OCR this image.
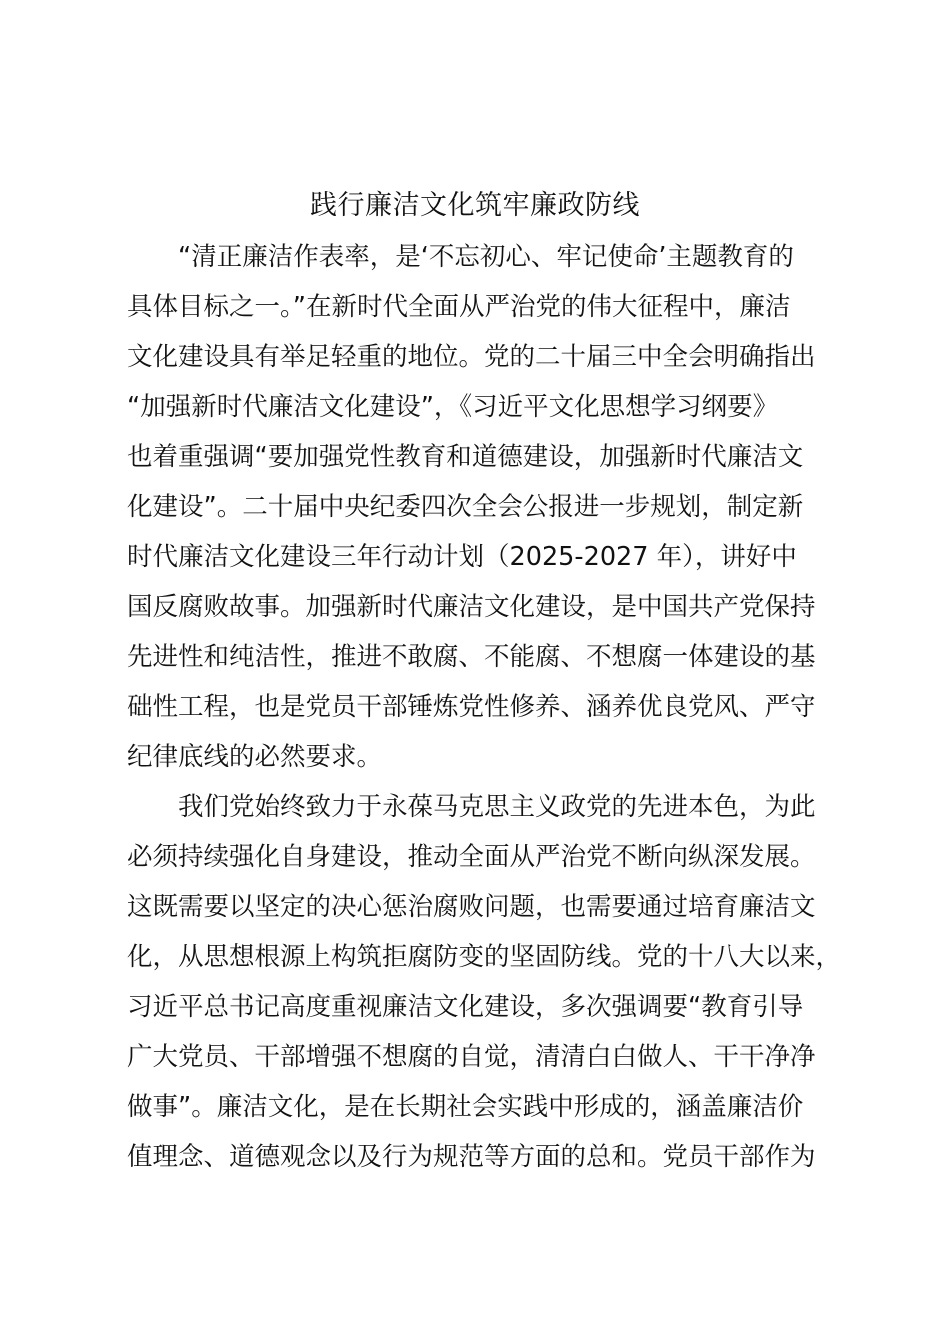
践行廉洁文化筑牢廉政防线
“清正廉洁作表率，是‘不忘初心、牢记使命’主题教育的
具体目标之一。”在新时代全面从严治党的伟大征程中，廉洁
文化建设具有举足轻重的地位。党的二十届三中全会明确指出
“加强新时代廉洁文化建设”，《习近平文化思想学习纲要》
也着重强调“要加强党性教育和道德建设，加强新时代廉洁文
化建设”。二十届中央纪委四次全会公报进一步规划，制定新
时代廉洁文化建设三年行动计划（2025-2027 年），讲好中
国反腐败故事。加强新时代廉洁文化建设，是中国共产党保持
先进性和纯洁性，推进不敢腐、不能腐、不想腐一体建设的基
础性工程，也是党员干部锤炼党性修养、涵养优良党风、严守
纪律底线的必然要求。
我们党始终致力于永葆马克思主义政党的先进本色，为此
必须持续强化自身建设，推动全面从严治党不断向纵深发展。
这既需要以坚定的决心惩治腐败问题，也需要通过培育廉洁文
化，从思想根源上构筑拒腐防变的坚固防线。党的十八大以来，
习近平总书记高度重视廉洁文化建设，多次强调要“教育引导
广大党员、干部增强不想腐的自觉，清清白白做人、干干净净
做事”。廉洁文化，是在长期社会实践中形成的，涵盖廉洁价
值理念、道德观念以及行为规范等方面的总和。党员干部作为
